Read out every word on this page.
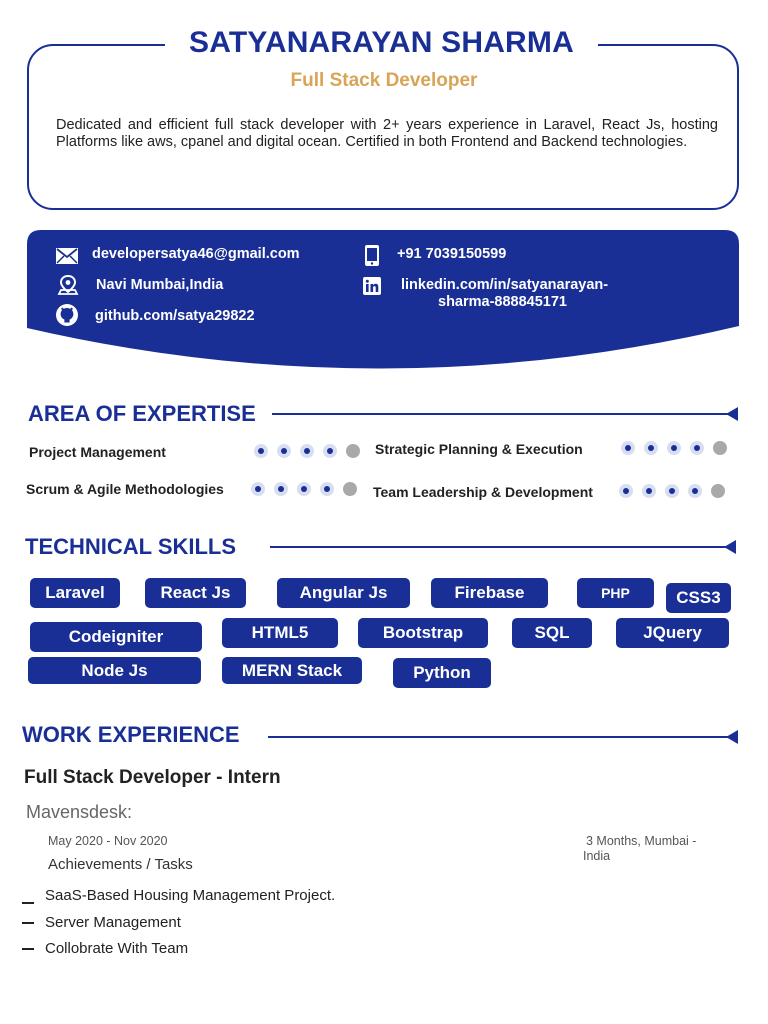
SATYANARAYAN SHARMA
Full Stack Developer
Dedicated and efficient full stack developer with 2+ years experience in Laravel, React Js, hosting Platforms like aws, cpanel and digital ocean. Certified in both Frontend and Backend technologies.
developersatya46@gmail.com	+91 7039150599
Navi Mumbai,India	linkedin.com/in/satyanarayan-
sharma-888845171
github.com/satya29822
AREA OF EXPERTISE
Project Management	Strategic Planning & Execution
Scrum & Agile Methodologies	Team Leadership & Development
TECHNICAL SKILLS
Laravel	React Js	Angular Js	Firebase	PHP	CSS3
Codeigniter	HTML5	Bootstrap	SQL	JQuery
Node Js	MERN Stack	Python
WORK EXPERIENCE
Full Stack Developer - Intern
Mavensdesk:
May 2020 - Nov 2020	3 Months, Mumbai -
India
Achievements / Tasks
SaaS-Based Housing Management Project.
Server Management
Collobrate With Team
